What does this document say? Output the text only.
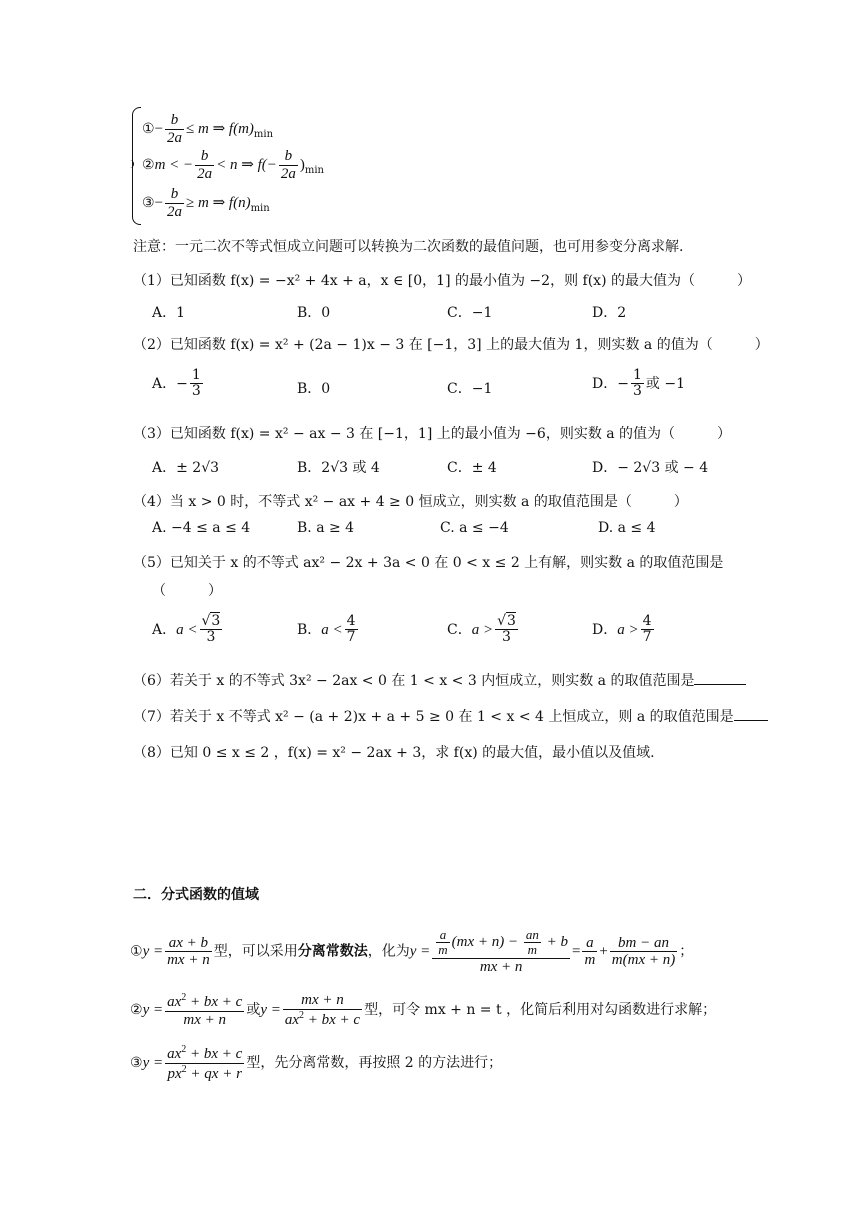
①− $\frac{b}{2a} \le m$ ⇒ $f(m)_{min}$
②m < − $\frac{b}{2a} < n$ ⇒ $f(- \frac{b}{2a} )_{min}$
③− $\frac{b}{2a} \ge m$ ⇒ $f(n)_{min}$
注意：一元二次不等式恒成立问题可以转换为二次函数的最值问题，也可用参变分离求解.
（1）已知函数 f(x) = −x² + 4x + a，x ∈ [0，1] 的最小值为 −2，则 f(x) 的最大值为（　　　）
A．1	B．0	C．−1	D．2
（2）已知函数 f(x) = x² + (2a − 1)x − 3 在 [−1，3] 上的最大值为 1，则实数 a 的值为（　　　）
A．− $\frac{1}{3}$	B．0	C．−1	D．− $\frac{1}{3}$ 或 −1
（3）已知函数 f(x) = x² − ax − 3 在 [−1，1] 上的最小值为 −6，则实数 a 的值为（　　　）
A．± 2√3	B．2√3 或 4	C．± 4	D．− 2√3 或 − 4
（4）当 x > 0 时，不等式 x² − ax + 4 ≥ 0 恒成立，则实数 a 的取值范围是（　　　）
A. −4 ≤ a ≤ 4	B. a ≥ 4	C. a ≤ −4	D. a ≤ 4
（5）已知关于 x 的不等式 ax² − 2x + 3a < 0 在 0 < x ≤ 2 上有解，则实数 a 的取值范围是
（　　　）
A．$a < \frac{√3}{3}$	B．$a < \frac{4}{7}$	C．$a > \frac{√3}{3}$	D．$a > \frac{4}{7}$
（6）若关于 x 的不等式 3x² − 2ax < 0 在 1 < x < 3 内恒成立，则实数 a 的取值范围是
（7）若关于 x 不等式 x² − (a + 2)x + a + 5 ≥ 0 在 1 < x < 4 上恒成立，则 a 的取值范围是
（8）已知 0 ≤ x ≤ 2 ，f(x) = x² − 2ax + 3，求 f(x) 的最大值，最小值以及值域.
二．分式函数的值域
①y = $\frac{ax + b}{mx + n}$ 型，可以采用分离常数法，化为$y = \frac{\frac{a}{m} (mx + n) - \frac{an}{m} + b}{mx + n} = \frac{a}{m} + \frac{bm - an}{m(mx + n)}$ ；
②y = $\frac{ax^2 + bx + c}{mx + n}$ 或$y = \frac{mx + n}{ax^2 + bx + c}$ 型，可令 mx + n = t ，化简后利用对勾函数进行求解；
③y = $\frac{ax^2 + bx + c}{px^2 + qx + r}$ 型，先分离常数，再按照 2 的方法进行；
